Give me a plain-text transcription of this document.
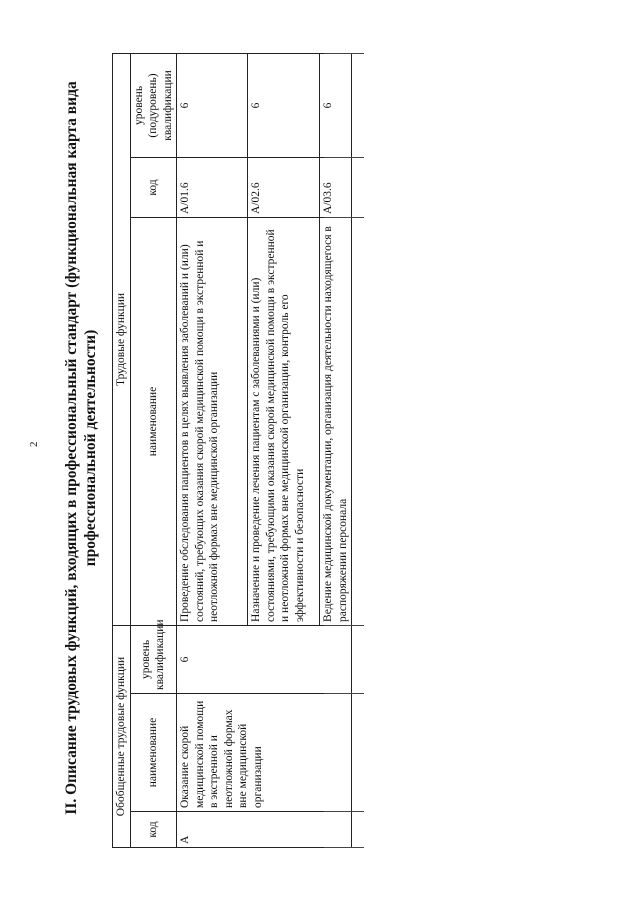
2 II. Описание трудовых функций, входящих в профессиональный стандарт (функциональная карта вида профессиональной деятельности)
Обобщенные трудовые функции			Трудовые функции		
код	наименование	уровень квалификации	наименование	код	уровень (подуровень) квалификации
A	Оказание скорой медицинской помощи в экстренной и неотложной формах вне медицинской организации	6	Проведение обследования пациентов в целях выявления заболеваний и (или) состояний, требующих оказания скорой медицинской помощи в экстренной и неотложной формах вне медицинской организации	A/01.6	6
			Назначение и проведение лечения пациентам с заболеваниями и (или) состояниями, требующими оказания скорой медицинской помощи в экстренной и неотложной формах вне медицинской организации, контроль его эффективности и безопасности	A/02.6	6
			Ведение медицинской документации, организация деятельности находящегося в распоряжении персонала	A/03.6	6
